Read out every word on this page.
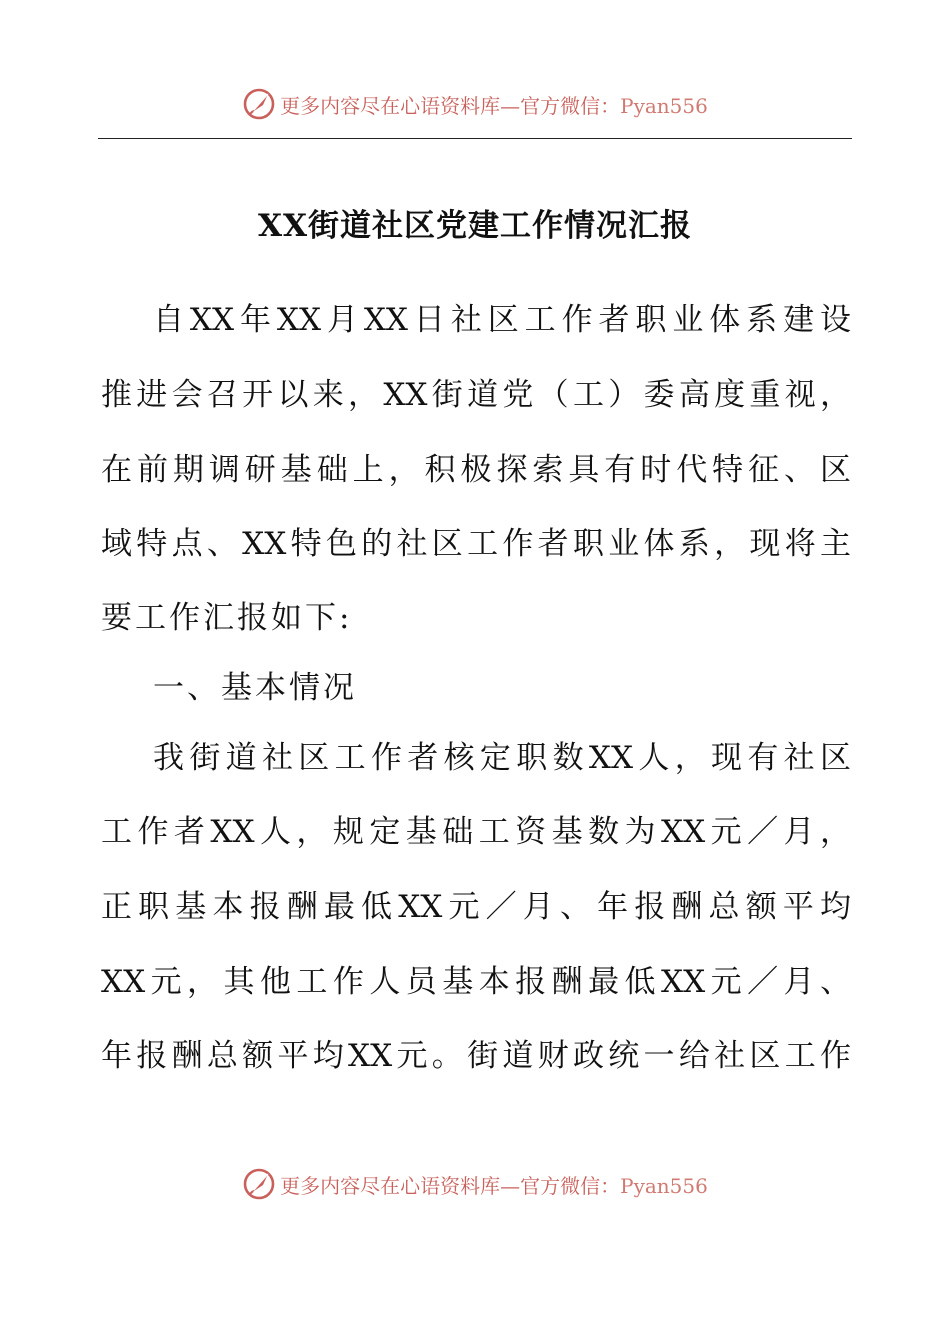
更多内容尽在心语资料库—官方微信：Pyan556
XX街道社区党建工作情况汇报
自XX年XX月XX日社区工作者职业体系建设
推进会召开以来，XX街道党（工）委高度重视，
在前期调研基础上，积极探索具有时代特征、区
域特点、XX特色的社区工作者职业体系，现将主
要工作汇报如下:
一、基本情况
我街道社区工作者核定职数XX人，现有社区
工作者XX人，规定基础工资基数为XX元／月，
正职基本报酬最低XX元／月、年报酬总额平均
XX元，其他工作人员基本报酬最低XX元／月、
年报酬总额平均XX元。街道财政统一给社区工作
更多内容尽在心语资料库—官方微信：Pyan556
